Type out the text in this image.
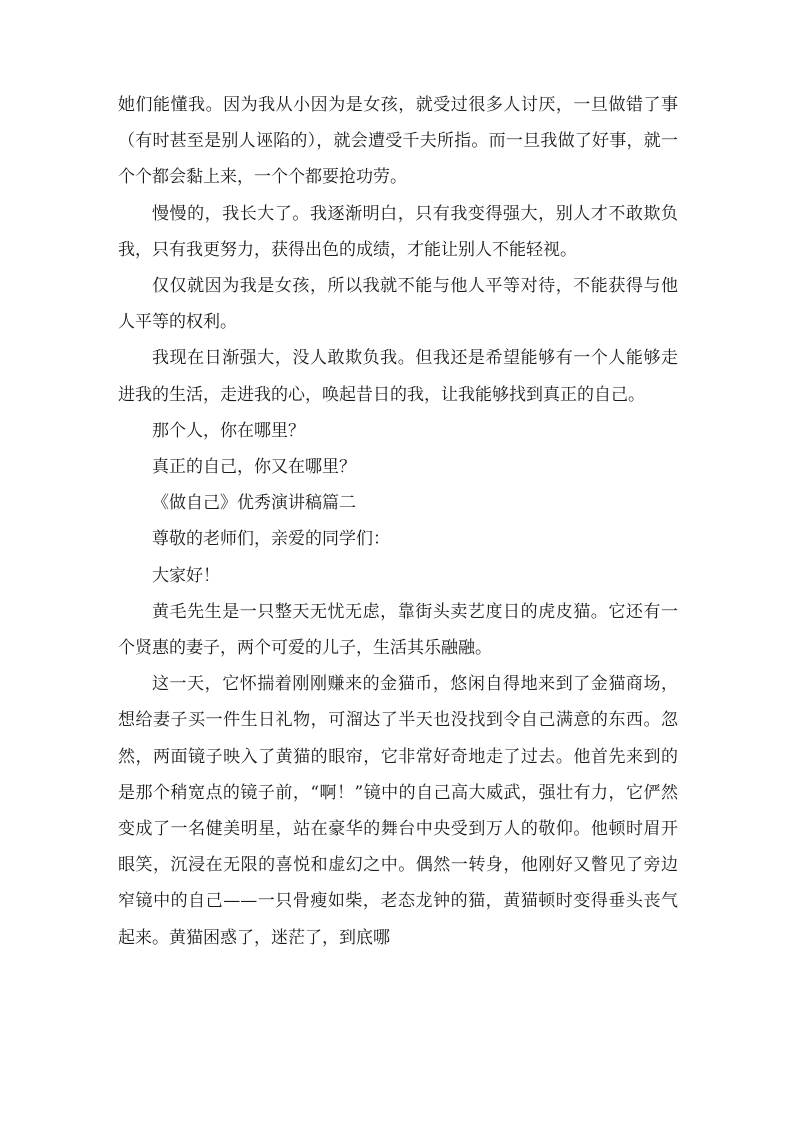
她们能懂我。因为我从小因为是女孩，就受过很多人讨厌，一旦做错了事（有时甚至是别人诬陷的），就会遭受千夫所指。而一旦我做了好事，就一个个都会黏上来，一个个都要抢功劳。

慢慢的，我长大了。我逐渐明白，只有我变得强大，别人才不敢欺负我，只有我更努力，获得出色的成绩，才能让别人不能轻视。

仅仅就因为我是女孩，所以我就不能与他人平等对待，不能获得与他人平等的权利。

我现在日渐强大，没人敢欺负我。但我还是希望能够有一个人能够走进我的生活，走进我的心，唤起昔日的我，让我能够找到真正的自己。

那个人，你在哪里？

真正的自己，你又在哪里？

《做自己》优秀演讲稿篇二

尊敬的老师们，亲爱的同学们：

大家好！

黄毛先生是一只整天无忧无虑，靠街头卖艺度日的虎皮猫。它还有一个贤惠的妻子，两个可爱的儿子，生活其乐融融。

这一天，它怀揣着刚刚赚来的金猫币，悠闲自得地来到了金猫商场，想给妻子买一件生日礼物，可溜达了半天也没找到令自己满意的东西。忽然，两面镜子映入了黄猫的眼帘，它非常好奇地走了过去。他首先来到的是那个稍宽点的镜子前，“啊！”镜中的自己高大威武，强壮有力，它俨然变成了一名健美明星，站在豪华的舞台中央受到万人的敬仰。他顿时眉开眼笑，沉浸在无限的喜悦和虚幻之中。偶然一转身，他刚好又瞥见了旁边窄镜中的自己——一只骨瘦如柴，老态龙钟的猫，黄猫顿时变得垂头丧气起来。黄猫困惑了，迷茫了，到底哪
